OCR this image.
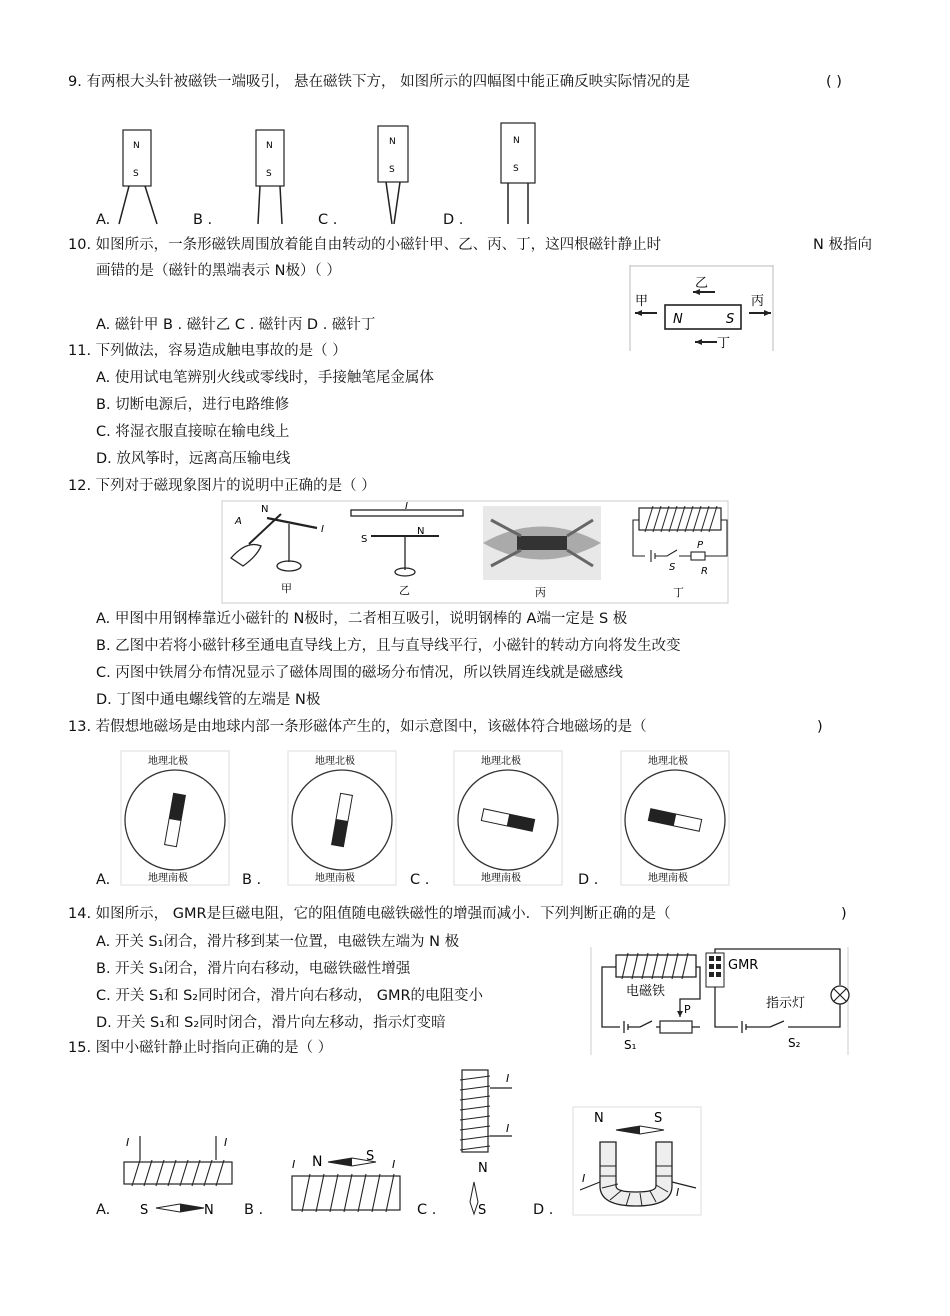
9. 有两根大头针被磁铁一端吸引， 悬在磁铁下方， 如图所示的四幅图中能正确反映实际情况的是	( )
N
S
N
S
N
S
N
S
A.	B .	C .	D .
10. 如图所示，一条形磁铁周围放着能自由转动的小磁针甲、乙、丙、丁，这四根磁针静止时	N 极指向
画错的是（磁针的黑端表示 N极）（ ）
A. 磁针甲 B . 磁针乙 C . 磁针丙 D . 磁针丁	N	S
乙
甲	丙
丁
11. 下列做法，容易造成触电事故的是（ ）
A. 使用试电笔辨别火线或零线时，手接触笔尾金属体
B. 切断电源后，进行电路维修
C. 将湿衣服直接晾在输电线上
D. 放风筝时，远离高压输电线
12. 下列对于磁现象图片的说明中正确的是（ ）
A
N
I
甲
I
S
N
乙	丙
P
S	R
丁
A. 甲图中用钢棒靠近小磁针的 N极时，二者相互吸引，说明钢棒的 A端一定是 S 极
B. 乙图中若将小磁针移至通电直导线上方，且与直导线平行，小磁针的转动方向将发生改变
C. 丙图中铁屑分布情况显示了磁体周围的磁场分布情况，所以铁屑连线就是磁感线
D. 丁图中通电螺线管的左端是 N极
13. 若假想地磁场是由地球内部一条形磁体产生的，如示意图中，该磁体符合地磁场的是（	)
地理北极
地理南极
地理北极
地理南极
地理北极
地理南极
地理北极
地理南极
A.	B .	C .	D .
14. 如图所示， GMR是巨磁电阻，它的阻值随电磁铁磁性的增强而减小．下列判断正确的是（	)
A. 开关 S₁闭合，滑片移到某一位置，电磁铁左端为 N 极
B. 开关 S₁闭合，滑片向右移动，电磁铁磁性增强
C. 开关 S₁和 S₂同时闭合，滑片向右移动， GMR的电阻变小
D. 开关 S₁和 S₂同时闭合，滑片向左移动，指示灯变暗
GMR
电磁铁
指示灯
S₂
P
S₁
15. 图中小磁针静止时指向正确的是（ ）
I	I
S	N
I N	S
I
I
I
N
S
N	S
I
I
A.	B .	C .	D .
